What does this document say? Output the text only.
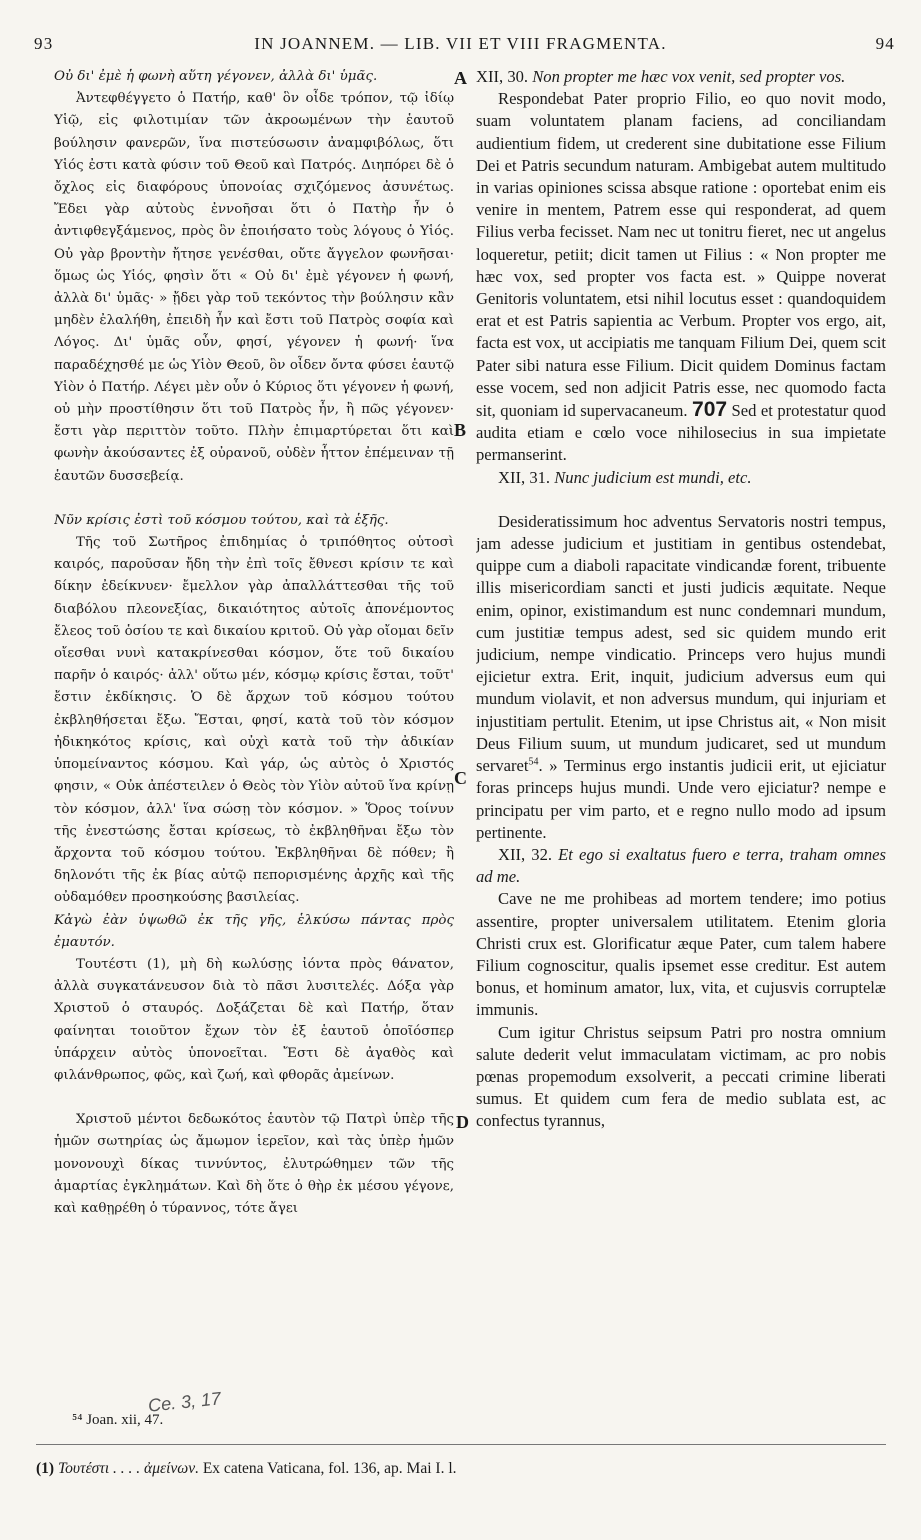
93	IN JOANNEM. — LIB. VII ET VIII FRAGMENTA.	94

Οὐ δι' ἐμὲ ἡ φωνὴ αὕτη γέγονεν, ἀλλὰ δι' ὑμᾶς.

Ἀντεφθέγγετο ὁ Πατήρ, καθ' ὃν οἶδε τρόπον, τῷ ἰδίῳ Υἱῷ, εἰς φιλοτιμίαν τῶν ἀκροωμένων τὴν ἑαυτοῦ βούλησιν φανερῶν, ἵνα πιστεύσωσιν ἀναμφιβόλως, ὅτι Υἱός ἐστι κατὰ φύσιν τοῦ Θεοῦ καὶ Πατρός. Διηπόρει δὲ ὁ ὄχλος εἰς διαφόρους ὑπονοίας σχιζόμενος ἀσυνέτως. Ἔδει γὰρ αὐτοὺς ἐννοῆσαι ὅτι ὁ Πατὴρ ἦν ὁ ἀντιφθεγξάμενος, πρὸς ὃν ἐποιήσατο τοὺς λόγους ὁ Υἱός. Οὐ γὰρ βροντὴν ἤτησε γενέσθαι, οὔτε ἄγγελον φωνῆσαι· ὅμως ὡς Υἱός, φησὶν ὅτι « Οὐ δι' ἐμὲ γέγονεν ἡ φωνή, ἀλλὰ δι' ὑμᾶς· » ᾔδει γὰρ τοῦ τεκόντος τὴν βούλησιν κἂν μηδὲν ἐλαλήθη, ἐπειδὴ ἦν καὶ ἔστι τοῦ Πατρὸς σοφία καὶ Λόγος. Δι' ὑμᾶς οὖν, φησί, γέγονεν ἡ φωνή· ἵνα παραδέχησθέ με ὡς Υἱὸν Θεοῦ, ὃν οἶδεν ὄντα φύσει ἑαυτῷ Υἱὸν ὁ Πατήρ. Λέγει μὲν οὖν ὁ Κύριος ὅτι γέγονεν ἡ φωνή, οὐ μὴν προστίθησιν ὅτι τοῦ Πατρὸς ἦν, ἢ πῶς γέγονεν· ἔστι γὰρ περιττὸν τοῦτο. Πλὴν ἐπιμαρτύρεται ὅτι καὶ φωνὴν ἀκούσαντες ἐξ οὐρανοῦ, οὐδὲν ἧττον ἐπέμειναν τῇ ἑαυτῶν δυσσεβείᾳ.

Νῦν κρίσις ἐστὶ τοῦ κόσμου τούτου, καὶ τὰ ἑξῆς.

Τῆς τοῦ Σωτῆρος ἐπιδημίας ὁ τριπόθητος οὑτοσὶ καιρός, παροῦσαν ἤδη τὴν ἐπὶ τοῖς ἔθνεσι κρίσιν τε καὶ δίκην ἐδείκνυεν· ἔμελλον γὰρ ἀπαλλάττεσθαι τῆς τοῦ διαβόλου πλεονεξίας, δικαιότητος αὐτοῖς ἀπονέμοντος ἔλεος τοῦ ὁσίου τε καὶ δικαίου κριτοῦ. Οὐ γὰρ οἴομαι δεῖν οἴεσθαι νυνὶ κατακρίνεσθαι κόσμον, ὅτε τοῦ δικαίου παρῆν ὁ καιρός· ἀλλ' οὕτω μέν, κόσμῳ κρίσις ἔσται, τοῦτ' ἔστιν ἐκδίκησις. Ὁ δὲ ἄρχων τοῦ κόσμου τούτου ἐκβληθήσεται ἔξω. Ἔσται, φησί, κατὰ τοῦ τὸν κόσμον ἠδικηκότος κρίσις, καὶ οὐχὶ κατὰ τοῦ τὴν ἀδικίαν ὑπομείναντος κόσμου. Καὶ γάρ, ὡς αὐτὸς ὁ Χριστός φησιν, « Οὐκ ἀπέστειλεν ὁ Θεὸς τὸν Υἱὸν αὐτοῦ ἵνα κρίνῃ τὸν κόσμον, ἀλλ' ἵνα σώσῃ τὸν κόσμον. » Ὅρος τοίνυν τῆς ἐνεστώσης ἔσται κρίσεως, τὸ ἐκβληθῆναι ἔξω τὸν ἄρχοντα τοῦ κόσμου τούτου. Ἐκβληθῆναι δὲ πόθεν; ἢ δηλονότι τῆς ἐκ βίας αὐτῷ πεπορισμένης ἀρχῆς καὶ τῆς οὐδαμόθεν προσηκούσης βασιλείας.

Κἀγὼ ἐὰν ὑψωθῶ ἐκ τῆς γῆς, ἑλκύσω πάντας πρὸς ἐμαυτόν.

Τουτέστι (1), μὴ δὴ κωλύσῃς ἰόντα πρὸς θάνατον, ἀλλὰ συγκατάνευσον διὰ τὸ πᾶσι λυσιτελές. Δόξα γὰρ Χριστοῦ ὁ σταυρός. Δοξάζεται δὲ καὶ Πατήρ, ὅταν φαίνηται τοιοῦτον ἔχων τὸν ἐξ ἑαυτοῦ ὁποῖόσπερ ὑπάρχειν αὐτὸς ὑπονοεῖται. Ἔστι δὲ ἀγαθὸς καὶ φιλάνθρωπος, φῶς, καὶ ζωή, καὶ φθορᾶς ἀμείνων.

Χριστοῦ μέντοι δεδωκότος ἑαυτὸν τῷ Πατρὶ ὑπὲρ τῆς ἡμῶν σωτηρίας ὡς ἄμωμον ἱερεῖον, καὶ τὰς ὑπὲρ ἡμῶν μονονουχὶ δίκας τιννύντος, ἐλυτρώθημεν τῶν τῆς ἁμαρτίας ἐγκλημάτων. Καὶ δὴ ὅτε ὁ θὴρ ἐκ μέσου γέγονε, καὶ καθῃρέθη ὁ τύραννος, τότε ἄγει

XII, 30. Non propter me hæc vox venit, sed propter vos.

Respondebat Pater proprio Filio, eo quo novit modo, suam voluntatem planam faciens, ad conciliandam audientium fidem, ut crederent sine dubitatione esse Filium Dei et Patris secundum naturam. Ambigebat autem multitudo in varias opiniones scissa absque ratione : oportebat enim eis venire in mentem, Patrem esse qui responderat, ad quem Filius verba fecisset. Nam nec ut tonitru fieret, nec ut angelus loqueretur, petiit; dicit tamen ut Filius : « Non propter me hæc vox, sed propter vos facta est. » Quippe noverat Genitoris voluntatem, etsi nihil locutus esset : quandoquidem erat et est Patris sapientia ac Verbum. Propter vos ergo, ait, facta est vox, ut accipiatis me tanquam Filium Dei, quem scit Pater sibi natura esse Filium. Dicit quidem Dominus factam esse vocem, sed non adjicit Patris esse, nec quomodo facta sit, quoniam id supervacaneum. 707 Sed et protestatur quod audita etiam e cœlo voce nihilosecius in sua impietate permanserint.

XII, 31. Nunc judicium est mundi, etc.

Desideratissimum hoc adventus Servatoris nostri tempus, jam adesse judicium et justitiam in gentibus ostendebat, quippe cum a diaboli rapacitate vindicandæ forent, tribuente illis misericordiam sancti et justi judicis æquitate. Neque enim, opinor, existimandum est nunc condemnari mundum, cum justitiæ tempus adest, sed sic quidem mundo erit judicium, nempe vindicatio. Princeps vero hujus mundi ejicietur extra. Erit, inquit, judicium adversus eum qui mundum violavit, et non adversus mundum, qui injuriam et injustitiam pertulit. Etenim, ut ipse Christus ait, « Non misit Deus Filium suum, ut mundum judicaret, sed ut mundum servaret$^{54}$. » Terminus ergo instantis judicii erit, ut ejiciatur foras princeps hujus mundi. Unde vero ejiciatur? nempe e principatu per vim parto, et e regno nullo modo ad ipsum pertinente.

XII, 32. Et ego si exaltatus fuero e terra, traham omnes ad me.

Cave ne me prohibeas ad mortem tendere; imo potius assentire, propter universalem utilitatem. Etenim gloria Christi crux est. Glorificatur æque Pater, cum talem habere Filium cognoscitur, qualis ipsemet esse creditur. Est autem bonus, et hominum amator, lux, vita, et cujusvis corruptelæ immunis.

Cum igitur Christus seipsum Patri pro nostra omnium salute dederit velut immaculatam victimam, ac pro nobis pœnas propemodum exsolverit, a peccati crimine liberati sumus. Et quidem cum fera de medio sublata est, ac confectus tyrannus,

A
B
C
D
Ce. 3, 17
⁵⁴ Joan. xii, 47.
(1) Τουτέστι . . . . ἀμείνων. Ex catena Vaticana, fol. 136, ap. Mai I. l.
